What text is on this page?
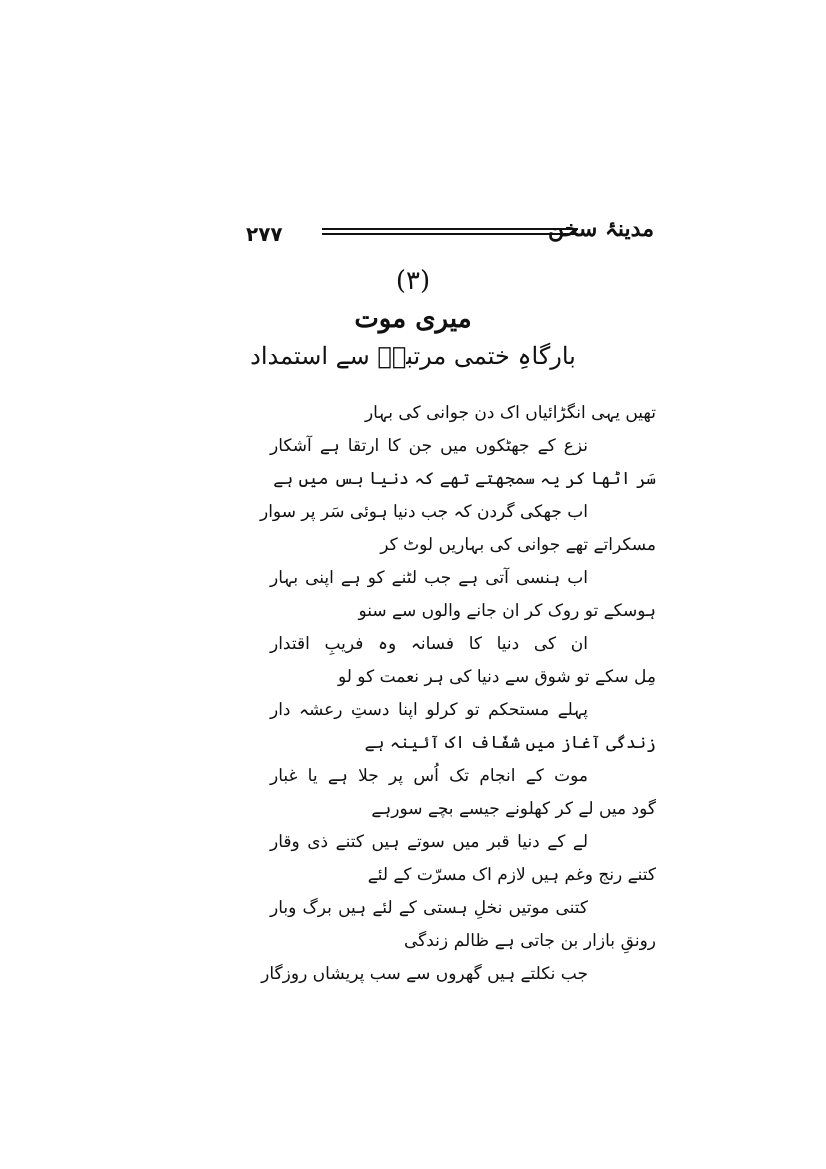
۲۷۷	مدینۂ سخن
(۳)
میری موت
بارگاہِ ختمی مرتبتؐ سے استمداد
تھیں یہی انگڑائیاں اک دن جوانی کی بہار
نزع کے جھٹکوں میں جن کا ارتقا ہے آشکار
سَر اٹھا کر یہ سمجھتے تھے کہ دنیا بس میں ہے
اب جھکی گردن کہ جب دنیا ہوئی سَر پر سوار
مسکراتے تھے جوانی کی بہاریں لوٹ کر
اب ہنسی آتی ہے جب لٹنے کو ہے اپنی بہار
ہوسکے تو روک کر ان جانے والوں سے سنو
ان کی دنیا کا فسانہ وہ فریبِ اقتدار
مِل سکے تو شوق سے دنیا کی ہر نعمت کو لو
پہلے مستحکم تو کرلو اپنا دستِ رعشہ دار
زندگی آغاز میں شفّاف اک آئینہ ہے
موت کے انجام تک اُس پر جلا ہے یا غبار
گود میں لے کر کھلونے جیسے بچے سورہے
لے کے دنیا قبر میں سوتے ہیں کتنے ذی وقار
کتنے رنج وغم ہیں لازم اک مسرّت کے لئے
کتنی موتیں نخلِ ہستی کے لئے ہیں برگ وبار
رونقِ بازار بن جاتی ہے ظالم زندگی
جب نکلتے ہیں گھروں سے سب پریشاں روزگار
